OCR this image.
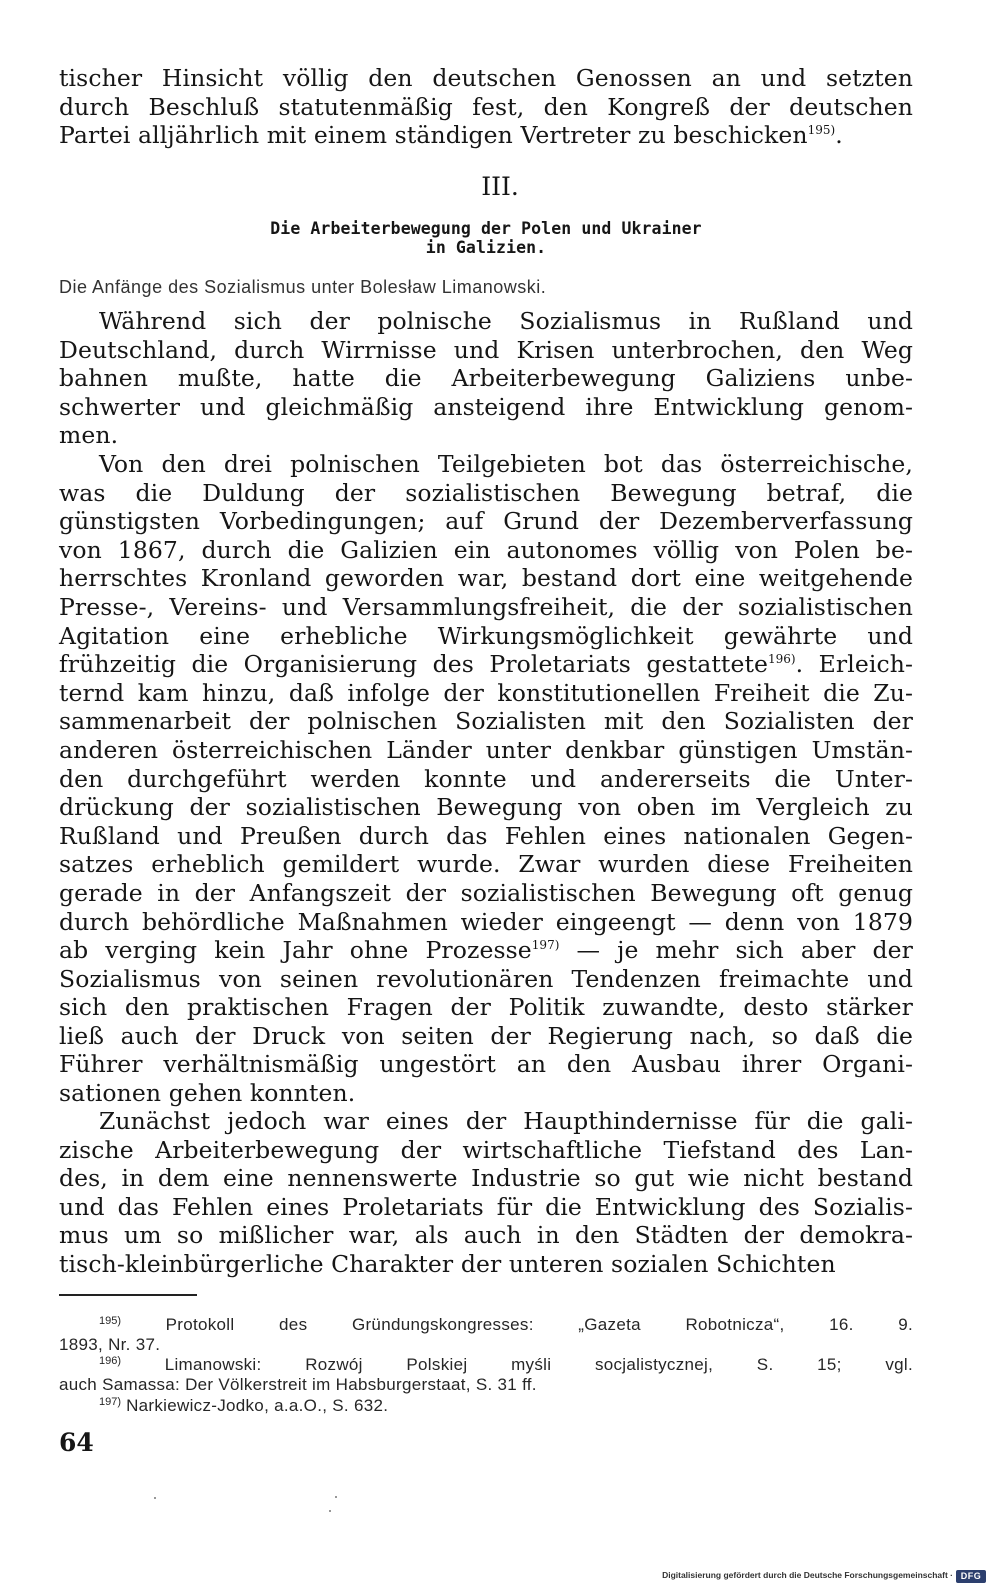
tischer Hinsicht völlig den deutschen Genossen an und setzten
durch Beschluß statutenmäßig fest, den Kongreß der deutschen
Partei alljährlich mit einem ständigen Vertreter zu beschicken$^{195)}$.
III.
Die Arbeiterbewegung der Polen und Ukrainer
in Galizien.
Die Anfänge des Sozialismus unter Bolesław Limanowski.
Während sich der polnische Sozialismus in Rußland und
Deutschland, durch Wirrnisse und Krisen unterbrochen, den Weg
bahnen mußte, hatte die Arbeiterbewegung Galiziens unbe-
schwerter und gleichmäßig ansteigend ihre Entwicklung genom-
men.
Von den drei polnischen Teilgebieten bot das österreichische,
was die Duldung der sozialistischen Bewegung betraf, die
günstigsten Vorbedingungen; auf Grund der Dezemberverfassung
von 1867, durch die Galizien ein autonomes völlig von Polen be-
herrschtes Kronland geworden war, bestand dort eine weitgehende
Presse-, Vereins- und Versammlungsfreiheit, die der sozialistischen
Agitation eine erhebliche Wirkungsmöglichkeit gewährte und
frühzeitig die Organisierung des Proletariats gestattete$^{196)}$. Erleich-
ternd kam hinzu, daß infolge der konstitutionellen Freiheit die Zu-
sammenarbeit der polnischen Sozialisten mit den Sozialisten der
anderen österreichischen Länder unter denkbar günstigen Umstän-
den durchgeführt werden konnte und andererseits die Unter-
drückung der sozialistischen Bewegung von oben im Vergleich zu
Rußland und Preußen durch das Fehlen eines nationalen Gegen-
satzes erheblich gemildert wurde. Zwar wurden diese Freiheiten
gerade in der Anfangszeit der sozialistischen Bewegung oft genug
durch behördliche Maßnahmen wieder eingeengt — denn von 1879
ab verging kein Jahr ohne Prozesse$^{197)}$ — je mehr sich aber der
Sozialismus von seinen revolutionären Tendenzen freimachte und
sich den praktischen Fragen der Politik zuwandte, desto stärker
ließ auch der Druck von seiten der Regierung nach, so daß die
Führer verhältnismäßig ungestört an den Ausbau ihrer Organi-
sationen gehen konnten.
Zunächst jedoch war eines der Haupthindernisse für die gali-
zische Arbeiterbewegung der wirtschaftliche Tiefstand des Lan-
des, in dem eine nennenswerte Industrie so gut wie nicht bestand
und das Fehlen eines Proletariats für die Entwicklung des Sozialis-
mus um so mißlicher war, als auch in den Städten der demokra-
tisch-kleinbürgerliche Charakter der unteren sozialen Schichten
$^{195)}$	Protokoll des Gründungskongresses: „Gazeta Robotnicza“, 16. 9.
1893, Nr. 37.
$^{196)}$	Limanowski: Rozwój Polskiej myśli socjalistycznej, S. 15; vgl.
auch Samassa: Der Völkerstreit im Habsburgerstaat, S. 31 ff.
$^{197)}$ Narkiewicz-Jodko, a.a.O., S. 632.
64
Digitalisierung gefördert durch die Deutsche Forschungsgemeinschaft · DFG
